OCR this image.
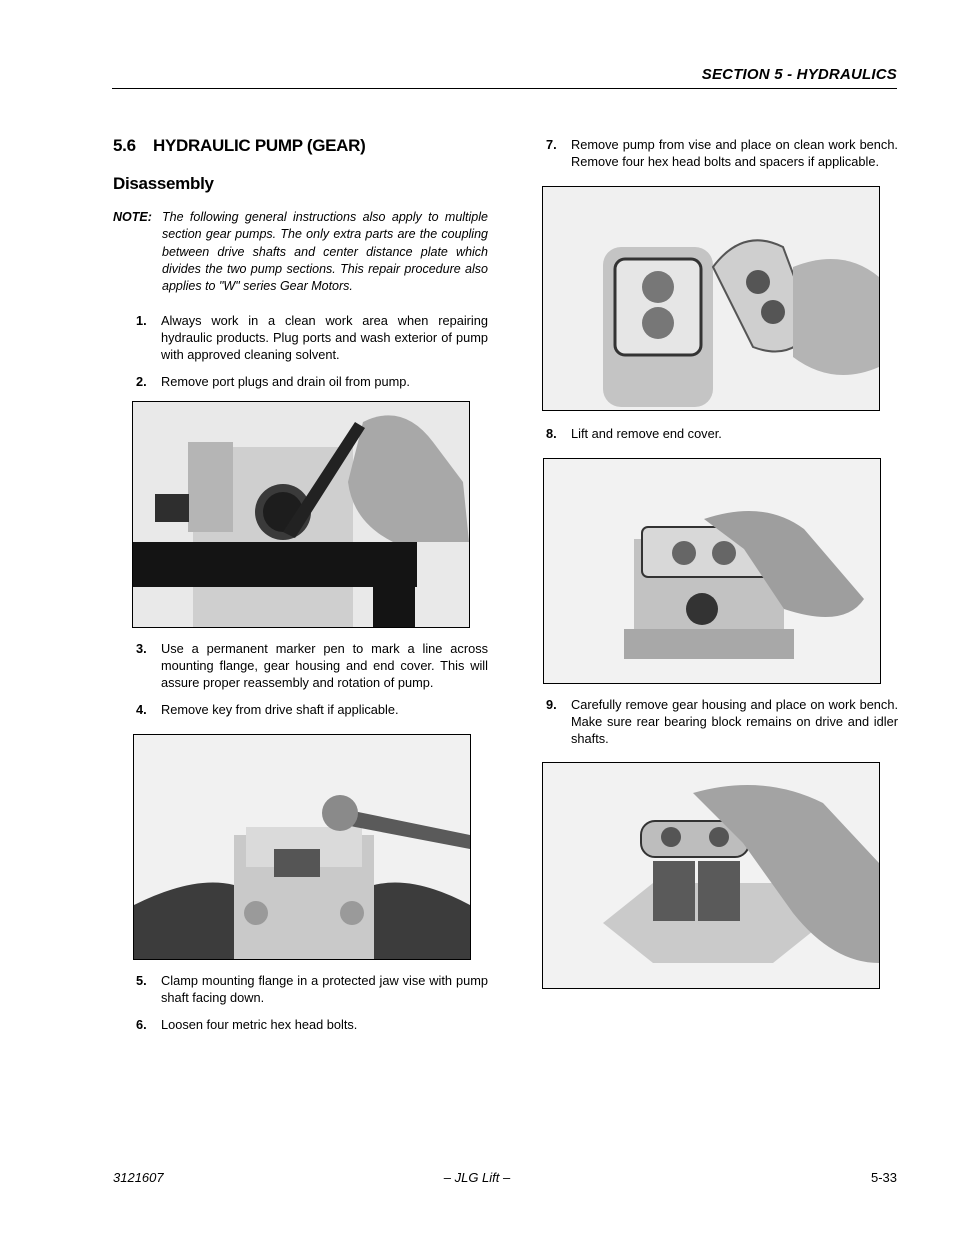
SECTION 5 - HYDRAULICS
5.6 HYDRAULIC PUMP (GEAR)
Disassembly
NOTE: The following general instructions also apply to multiple section gear pumps. The only extra parts are the coupling between drive shafts and center distance plate which divides the two pump sections. This repair procedure also applies to "W" series Gear Motors.
1. Always work in a clean work area when repairing hydraulic products. Plug ports and wash exterior of pump with approved cleaning solvent.
2. Remove port plugs and drain oil from pump.
3. Use a permanent marker pen to mark a line across mounting flange, gear housing and end cover. This will assure proper reassembly and rotation of pump.
4. Remove key from drive shaft if applicable.
5. Clamp mounting flange in a protected jaw vise with pump shaft facing down.
6. Loosen four metric hex head bolts.
7. Remove pump from vise and place on clean work bench. Remove four hex head bolts and spacers if applicable.
8. Lift and remove end cover.
9. Carefully remove gear housing and place on work bench. Make sure rear bearing block remains on drive and idler shafts.
3121607	– JLG Lift –	5-33
